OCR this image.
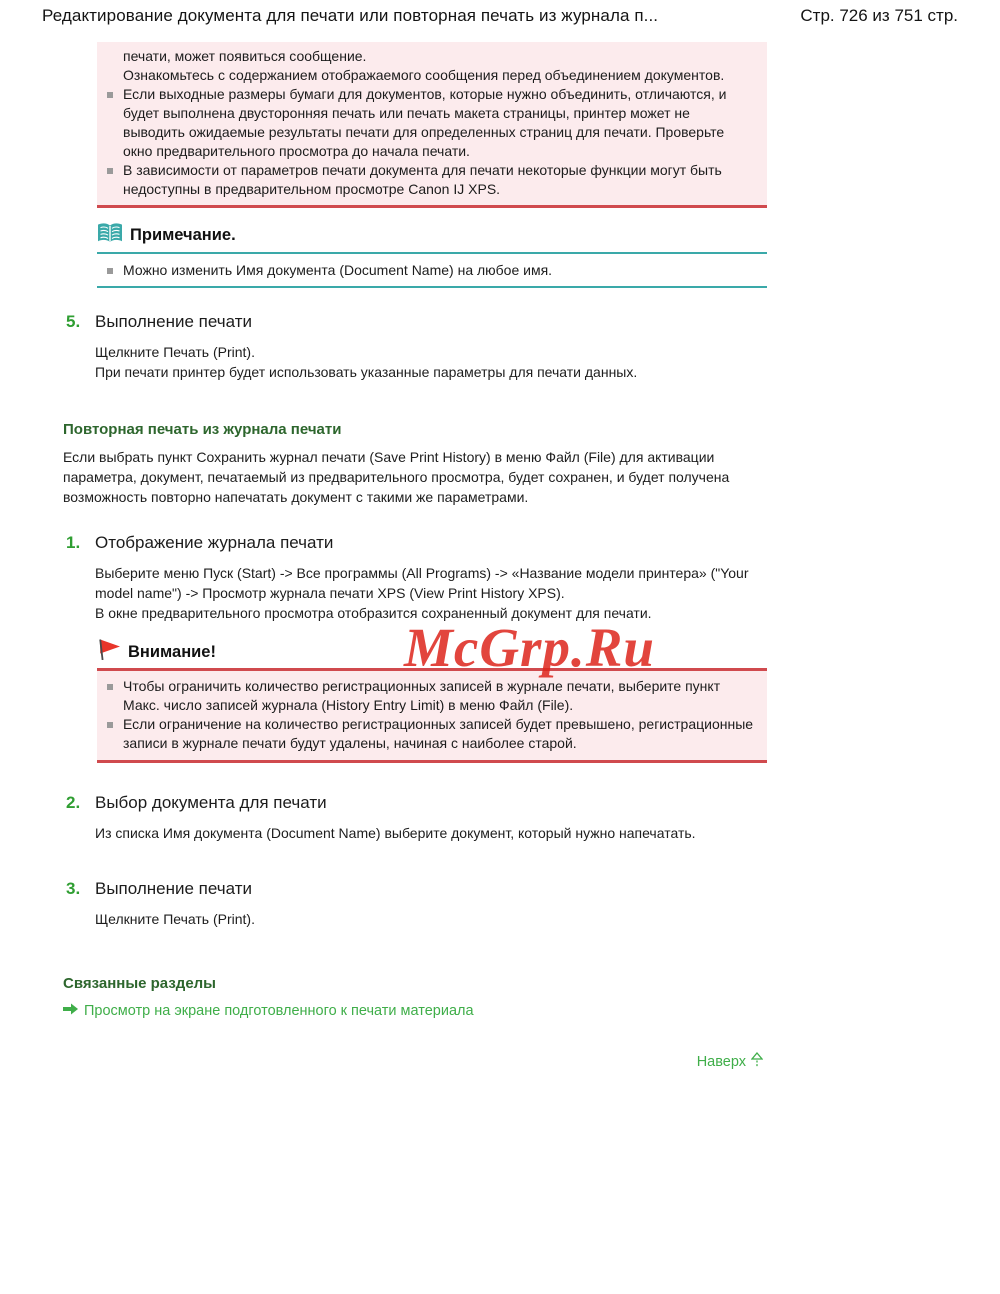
Редактирование документа для печати или повторная печать из журнала п...	Стр. 726 из 751 стр.
печати, может появиться сообщение.
Ознакомьтесь с содержанием отображаемого сообщения перед объединением документов.
Если выходные размеры бумаги для документов, которые нужно объединить, отличаются, и будет выполнена двусторонняя печать или печать макета страницы, принтер может не выводить ожидаемые результаты печати для определенных страниц для печати. Проверьте окно предварительного просмотра до начала печати.
В зависимости от параметров печати документа для печати некоторые функции могут быть недоступны в предварительном просмотре Canon IJ XPS.
Примечание.
Можно изменить Имя документа (Document Name) на любое имя.
5. Выполнение печати
Щелкните Печать (Print).
При печати принтер будет использовать указанные параметры для печати данных.
Повторная печать из журнала печати
Если выбрать пункт Сохранить журнал печати (Save Print History) в меню Файл (File) для активации параметра, документ, печатаемый из предварительного просмотра, будет сохранен, и будет получена возможность повторно напечатать документ с такими же параметрами.
1. Отображение журнала печати
Выберите меню Пуск (Start) -> Все программы (All Programs) -> «Название модели принтера» ("Your model name") -> Просмотр журнала печати XPS (View Print History XPS).
В окне предварительного просмотра отобразится сохраненный документ для печати.
Внимание!
Чтобы ограничить количество регистрационных записей в журнале печати, выберите пункт Макс. число записей журнала (History Entry Limit) в меню Файл (File).
Если ограничение на количество регистрационных записей будет превышено, регистрационные записи в журнале печати будут удалены, начиная с наиболее старой.
2. Выбор документа для печати
Из списка Имя документа (Document Name) выберите документ, который нужно напечатать.
3. Выполнение печати
Щелкните Печать (Print).
Связанные разделы
Просмотр на экране подготовленного к печати материала
Наверх
McGrp.Ru
